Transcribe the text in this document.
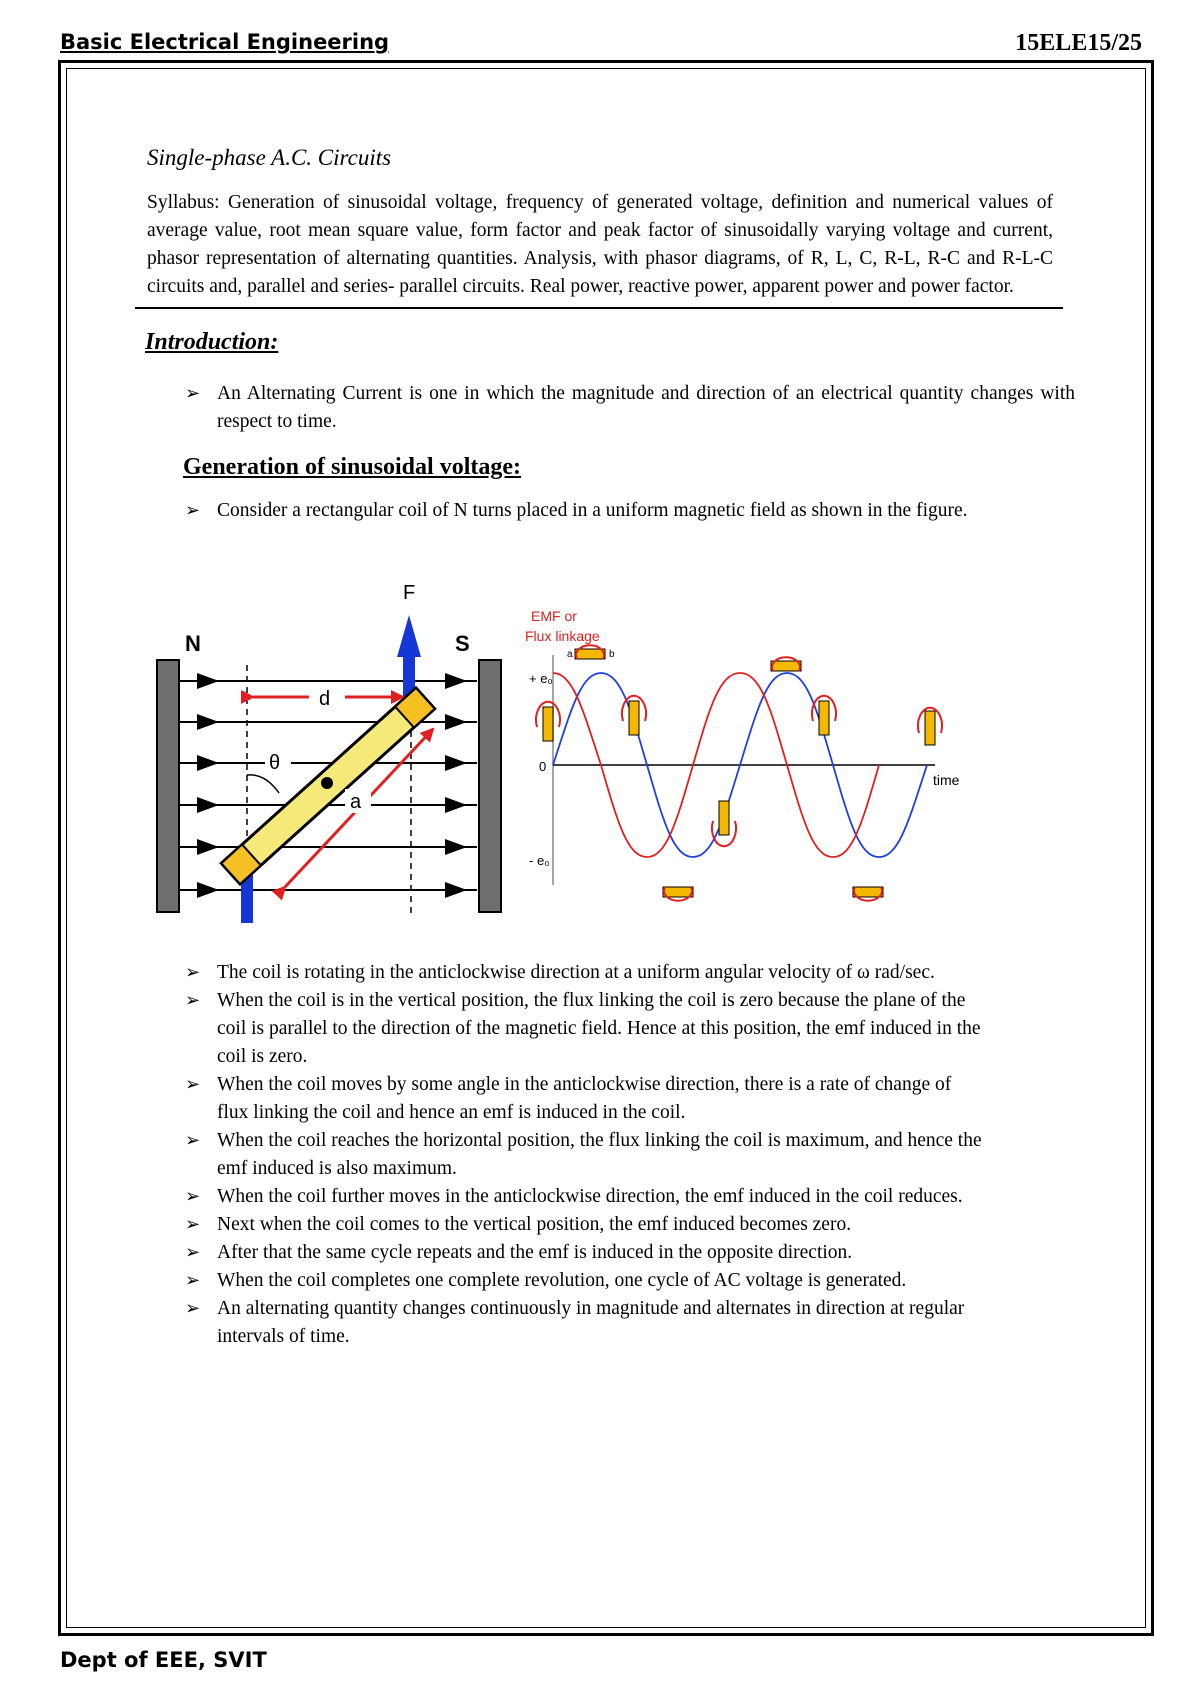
Basic Electrical Engineering	15ELE15/25
Single-phase A.C. Circuits

Syllabus: Generation of sinusoidal voltage, frequency of generated voltage, definition and numerical values of average value, root mean square value, form factor and peak factor of sinusoidally varying voltage and current, phasor representation of alternating quantities. Analysis, with phasor diagrams, of R, L, C, R-L, R-C and R-L-C circuits and, parallel and series- parallel circuits. Real power, reactive power, apparent power and power factor.

Introduction:
➢ An Alternating Current is one in which the magnitude and direction of an electrical quantity changes with respect to time.
Generation of sinusoidal voltage:
➢ Consider a rectangular coil of N turns placed in a uniform magnetic field as shown in the figure.
N	S
F
d
θ
a
EMF or
Flux linkage
+ e₀
0
- e₀
time
a	b
➢ The coil is rotating in the anticlockwise direction at a uniform angular velocity of ω rad/sec.
➢ When the coil is in the vertical position, the flux linking the coil is zero because the plane of the coil is parallel to the direction of the magnetic field. Hence at this position, the emf induced in the coil is zero.
➢ When the coil moves by some angle in the anticlockwise direction, there is a rate of change of flux linking the coil and hence an emf is induced in the coil.
➢ When the coil reaches the horizontal position, the flux linking the coil is maximum, and hence the emf induced is also maximum.
➢ When the coil further moves in the anticlockwise direction, the emf induced in the coil reduces.
➢ Next when the coil comes to the vertical position, the emf induced becomes zero.
➢ After that the same cycle repeats and the emf is induced in the opposite direction.
➢ When the coil completes one complete revolution, one cycle of AC voltage is generated.
➢ An alternating quantity changes continuously in magnitude and alternates in direction at regular intervals of time.
Dept of EEE, SVIT
